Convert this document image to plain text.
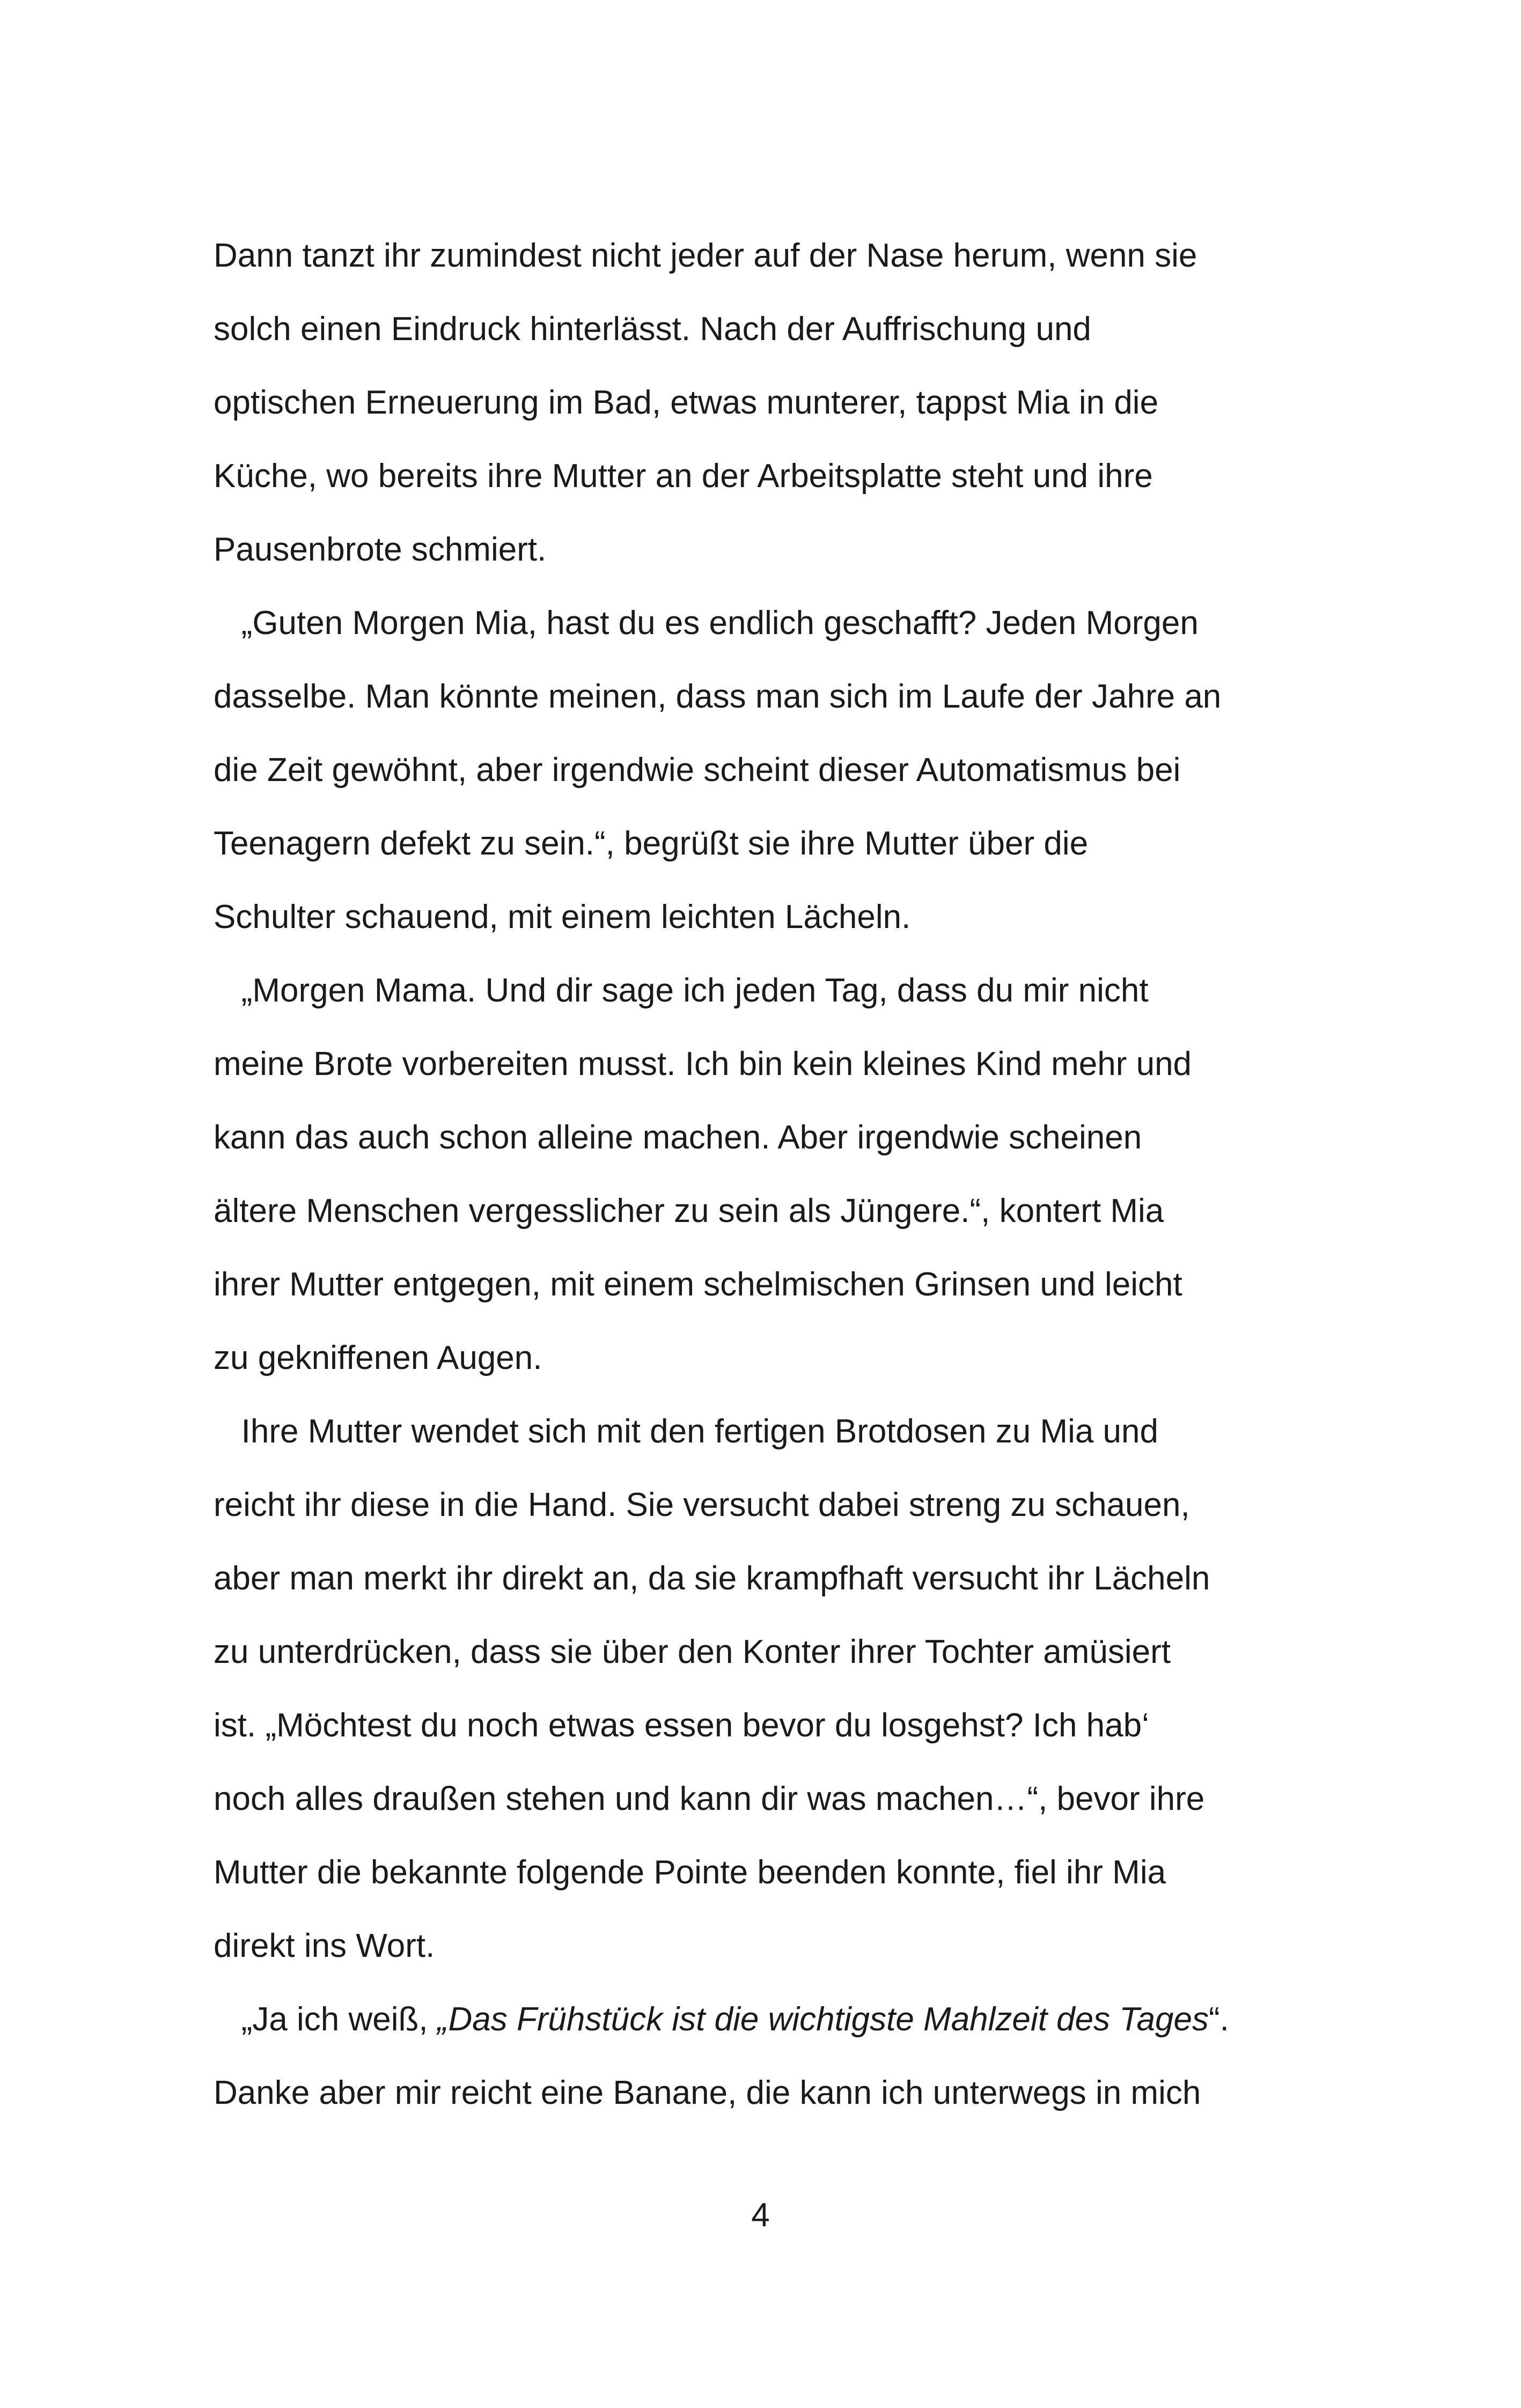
Dann tanzt ihr zumindest nicht jeder auf der Nase herum, wenn sie
solch einen Eindruck hinterlässt. Nach der Auffrischung und
optischen Erneuerung im Bad, etwas munterer, tappst Mia in die
Küche, wo bereits ihre Mutter an der Arbeitsplatte steht und ihre
Pausenbrote schmiert.
„Guten Morgen Mia, hast du es endlich geschafft? Jeden Morgen
dasselbe. Man könnte meinen, dass man sich im Laufe der Jahre an
die Zeit gewöhnt, aber irgendwie scheint dieser Automatismus bei
Teenagern defekt zu sein.“, begrüßt sie ihre Mutter über die
Schulter schauend, mit einem leichten Lächeln.
„Morgen Mama. Und dir sage ich jeden Tag, dass du mir nicht
meine Brote vorbereiten musst. Ich bin kein kleines Kind mehr und
kann das auch schon alleine machen. Aber irgendwie scheinen
ältere Menschen vergesslicher zu sein als Jüngere.“, kontert Mia
ihrer Mutter entgegen, mit einem schelmischen Grinsen und leicht
zu gekniffenen Augen.
Ihre Mutter wendet sich mit den fertigen Brotdosen zu Mia und
reicht ihr diese in die Hand. Sie versucht dabei streng zu schauen,
aber man merkt ihr direkt an, da sie krampfhaft versucht ihr Lächeln
zu unterdrücken, dass sie über den Konter ihrer Tochter amüsiert
ist. „Möchtest du noch etwas essen bevor du losgehst? Ich hab‘
noch alles draußen stehen und kann dir was machen…“, bevor ihre
Mutter die bekannte folgende Pointe beenden konnte, fiel ihr Mia
direkt ins Wort.
„Ja ich weiß, „Das Frühstück ist die wichtigste Mahlzeit des Tages“.
Danke aber mir reicht eine Banane, die kann ich unterwegs in mich
4
